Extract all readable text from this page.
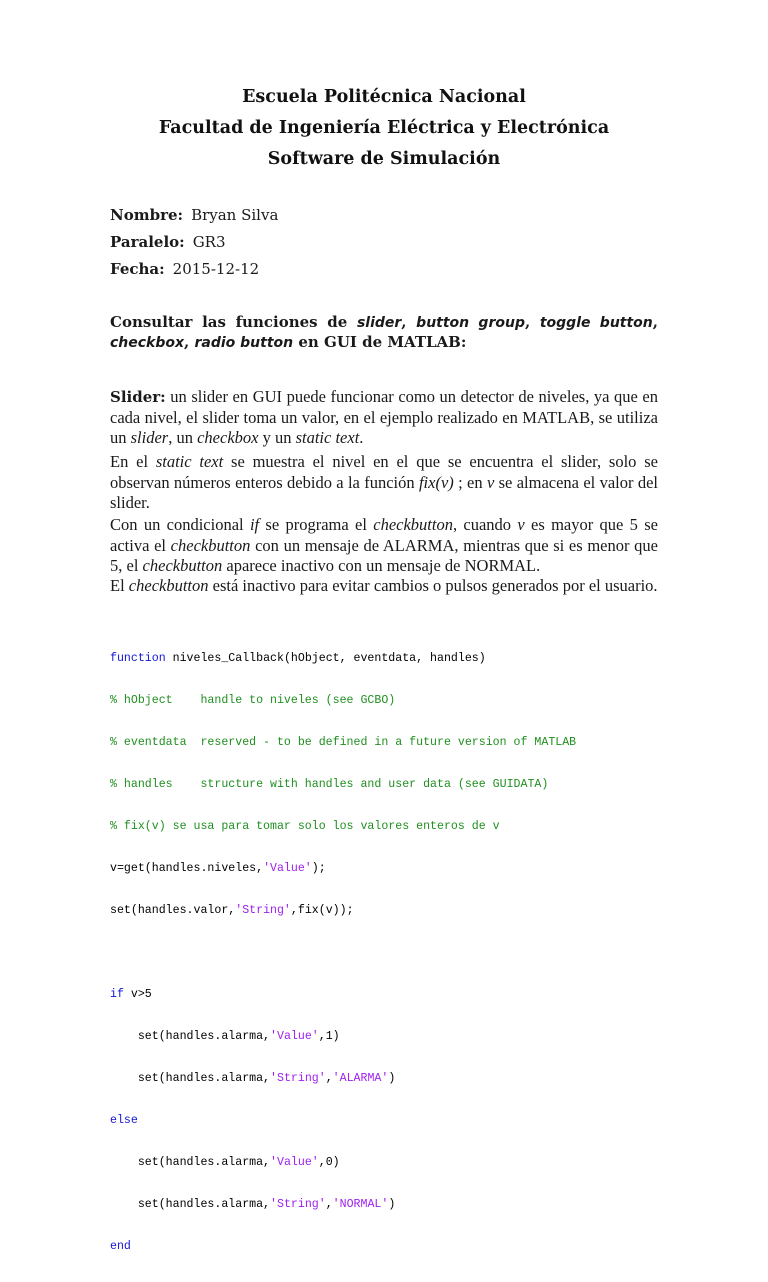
Escuela Politécnica Nacional
Facultad de Ingeniería Eléctrica y Electrónica
Software de Simulación
Nombre: Bryan Silva
Paralelo: GR3
Fecha: 2015-12-12
Consultar las funciones de slider, button group, toggle button, checkbox, radio button en GUI de MATLAB:
Slider: un slider en GUI puede funcionar como un detector de niveles, ya que en cada nivel, el slider toma un valor, en el ejemplo realizado en MATLAB, se utiliza un slider, un checkbox y un static text.
En el static text se muestra el nivel en el que se encuentra el slider, solo se observan números enteros debido a la función fix(v) ; en v se almacena el valor del slider.
Con un condicional if se programa el checkbutton, cuando v es mayor que 5 se activa el checkbutton con un mensaje de ALARMA, mientras que si es menor que 5, el checkbutton aparece inactivo con un mensaje de NORMAL.
El checkbutton está inactivo para evitar cambios o pulsos generados por el usuario.

function niveles_Callback(hObject, eventdata, handles)

% hObject    handle to niveles (see GCBO)

% eventdata  reserved - to be defined in a future version of MATLAB

% handles    structure with handles and user data (see GUIDATA)

% fix(v) se usa para tomar solo los valores enteros de v

v=get(handles.niveles,'Value');

set(handles.valor,'String',fix(v));

if v>5

set(handles.alarma,'Value',1)

set(handles.alarma,'String','ALARMA')

else

set(handles.alarma,'Value',0)

set(handles.alarma,'String','NORMAL')

end
